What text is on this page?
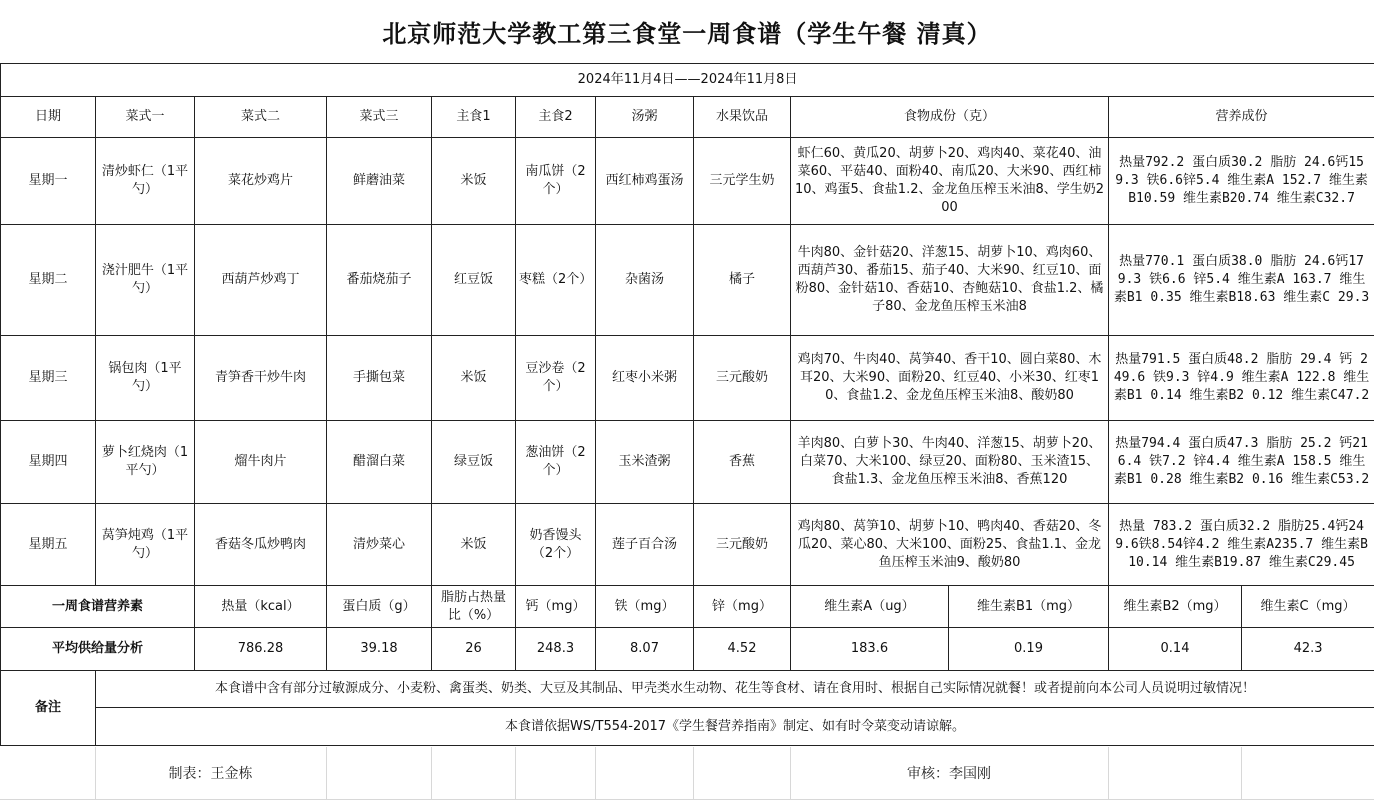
北京师范大学教工第三食堂一周食谱（学生午餐 清真）
2024年11月4日——2024年11月8日											
日期	菜式一	菜式二	菜式三	主食1	主食2	汤粥	水果饮品	食物成份（克）		营养成份	
星期一	清炒虾仁（1平勺）	菜花炒鸡片	鲜蘑油菜	米饭	南瓜饼（2个）	西红柿鸡蛋汤	三元学生奶	虾仁60、黄瓜20、胡萝卜20、鸡肉40、菜花40、油菜60、平菇40、面粉40、南瓜20、大米90、西红柿10、鸡蛋5、食盐1.2、金龙鱼压榨玉米油8、学生奶200		热量792.2 蛋白质30.2 脂肪 24.6钙159.3 铁6.6锌5.4 维生素A 152.7 维生素B10.59 维生素B20.74 维生素C32.7	
星期二	浇汁肥牛（1平勺）	西葫芦炒鸡丁	番茄烧茄子	红豆饭	枣糕（2个）	杂菌汤	橘子	牛肉80、金针菇20、洋葱15、胡萝卜10、鸡肉60、西葫芦30、番茄15、茄子40、大米90、红豆10、面粉80、金针菇10、香菇10、杏鲍菇10、食盐1.2、橘子80、金龙鱼压榨玉米油8		热量770.1 蛋白质38.0 脂肪 24.6钙179.3 铁6.6 锌5.4 维生素A 163.7 维生素B1 0.35 维生素B18.63 维生素C 29.3	
星期三	锅包肉（1平勺）	青笋香干炒牛肉	手撕包菜	米饭	豆沙卷（2个）	红枣小米粥	三元酸奶	鸡肉70、牛肉40、莴笋40、香干10、圆白菜80、木耳20、大米90、面粉20、红豆40、小米30、红枣10、食盐1.2、金龙鱼压榨玉米油8、酸奶80		热量791.5 蛋白质48.2 脂肪 29.4 钙 249.6 铁9.3 锌4.9 维生素A 122.8 维生素B1 0.14 维生素B2 0.12 维生素C47.2	
星期四	萝卜红烧肉（1平勺）	熘牛肉片	醋溜白菜	绿豆饭	葱油饼（2个）	玉米渣粥	香蕉	羊肉80、白萝卜30、牛肉40、洋葱15、胡萝卜20、白菜70、大米100、绿豆20、面粉80、玉米渣15、食盐1.3、金龙鱼压榨玉米油8、香蕉120		热量794.4 蛋白质47.3 脂肪 25.2 钙216.4 铁7.2 锌4.4 维生素A 158.5 维生素B1 0.28 维生素B2 0.16 维生素C53.2	
星期五	莴笋炖鸡（1平勺）	香菇冬瓜炒鸭肉	清炒菜心	米饭	奶香馒头（2个）	莲子百合汤	三元酸奶	鸡肉80、莴笋10、胡萝卜10、鸭肉40、香菇20、冬瓜20、菜心80、大米100、面粉25、食盐1.1、金龙鱼压榨玉米油9、酸奶80		热量 783.2 蛋白质32.2 脂肪25.4钙249.6铁8.54锌4.2 维生素A235.7 维生素B10.14 维生素B19.87 维生素C29.45	
一周食谱营养素		热量（kcal）	蛋白质（g）	脂肪占热量比（%）	钙（mg）	铁（mg）	锌（mg）	维生素A（ug）	维生素B1（mg）	维生素B2（mg）	维生素C（mg）
平均供给量分析		786.28	39.18	26	248.3	8.07	4.52	183.6	0.19	0.14	42.3
备注	本食谱中含有部分过敏源成分、小麦粉、禽蛋类、奶类、大豆及其制品、甲壳类水生动物、花生等食材、请在食用时、根据自己实际情况就餐！或者提前向本公司人员说明过敏情况！										
	本食谱依据WS/T554-2017《学生餐营养指南》制定、如有时令菜变动请谅解。										
	制表：王金栋						审核：李国刚		
